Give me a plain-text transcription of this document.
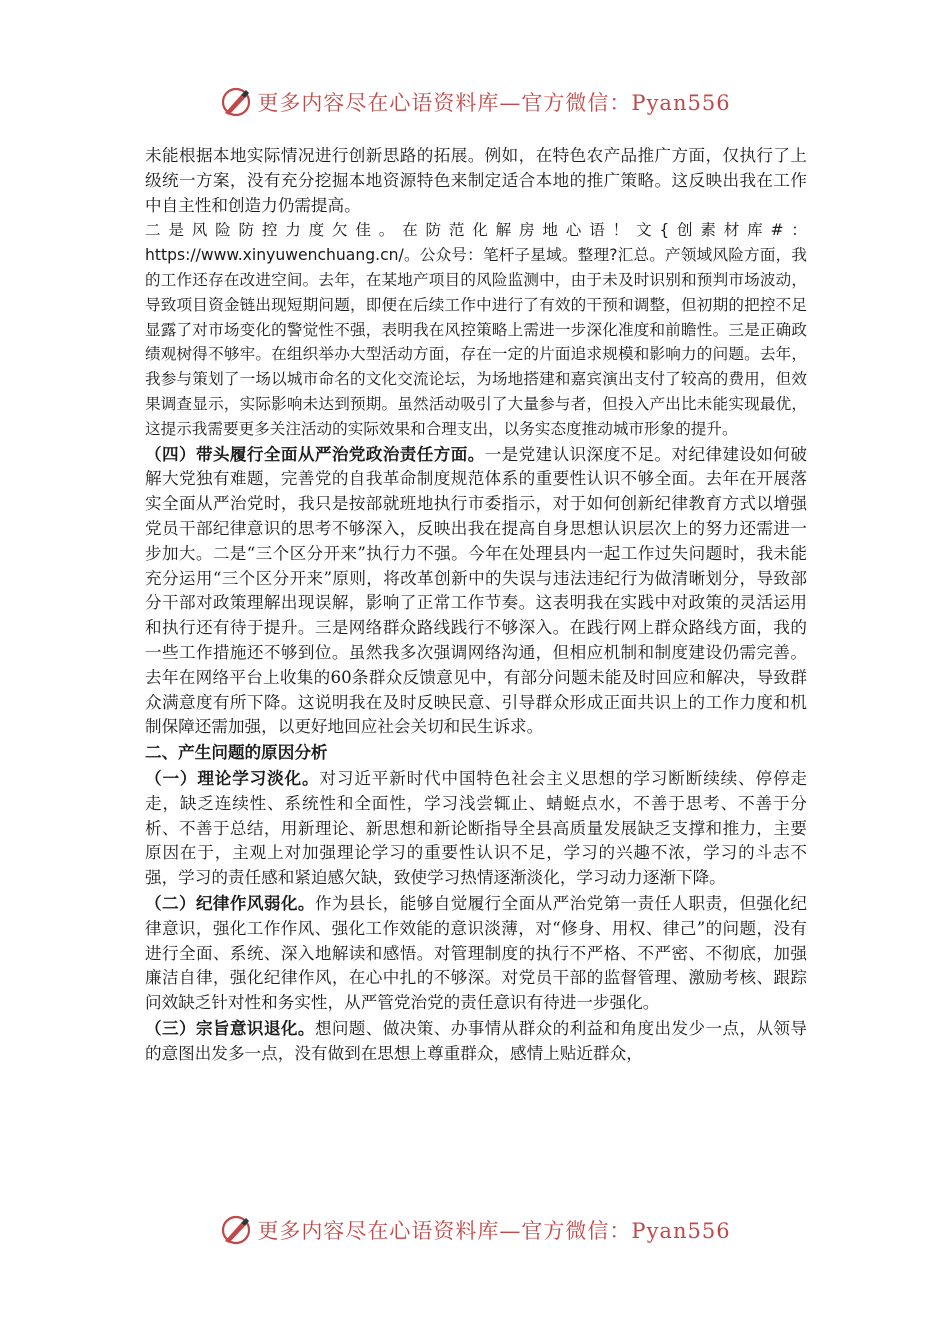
更多内容尽在心语资料库—官方微信：Pyan556

未能根据本地实际情况进行创新思路的拓展。例如，在特色农产品推广方面，仅执行了上级统一方案，没有充分挖掘本地资源特色来制定适合本地的推广策略。这反映出我在工作中自主性和创造力仍需提高。

二是风险防控力度欠佳。在防范化解房地心语！文{创素材库#：https://www.xinyuwenchuang.cn/。公众号：笔杆子星域。整理?汇总。产领域风险方面，我的工作还存在改进空间。去年，在某地产项目的风险监测中，由于未及时识别和预判市场波动，导致项目资金链出现短期问题，即便在后续工作中进行了有效的干预和调整，但初期的把控不足显露了对市场变化的警觉性不强，表明我在风控策略上需进一步深化准度和前瞻性。三是正确政绩观树得不够牢。在组织举办大型活动方面，存在一定的片面追求规模和影响力的问题。去年，我参与策划了一场以城市命名的文化交流论坛，为场地搭建和嘉宾演出支付了较高的费用，但效果调查显示，实际影响未达到预期。虽然活动吸引了大量参与者，但投入产出比未能实现最优，这提示我需要更多关注活动的实际效果和合理支出，以务实态度推动城市形象的提升。

（四）带头履行全面从严治党政治责任方面。一是党建认识深度不足。对纪律建设如何破解大党独有难题，完善党的自我革命制度规范体系的重要性认识不够全面。去年在开展落实全面从严治党时，我只是按部就班地执行市委指示，对于如何创新纪律教育方式以增强党员干部纪律意识的思考不够深入，反映出我在提高自身思想认识层次上的努力还需进一步加大。二是“三个区分开来”执行力不强。今年在处理县内一起工作过失问题时，我未能充分运用“三个区分开来”原则，将改革创新中的失误与违法违纪行为做清晰划分，导致部分干部对政策理解出现误解，影响了正常工作节奏。这表明我在实践中对政策的灵活运用和执行还有待于提升。三是网络群众路线践行不够深入。在践行网上群众路线方面，我的一些工作措施还不够到位。虽然我多次强调网络沟通，但相应机制和制度建设仍需完善。去年在网络平台上收集的60条群众反馈意见中，有部分问题未能及时回应和解决，导致群众满意度有所下降。这说明我在及时反映民意、引导群众形成正面共识上的工作力度和机制保障还需加强，以更好地回应社会关切和民生诉求。

二、产生问题的原因分析

（一）理论学习淡化。对习近平新时代中国特色社会主义思想的学习断断续续、停停走走，缺乏连续性、系统性和全面性，学习浅尝辄止、蜻蜓点水，不善于思考、不善于分析、不善于总结，用新理论、新思想和新论断指导全县高质量发展缺乏支撑和推力，主要原因在于，主观上对加强理论学习的重要性认识不足，学习的兴趣不浓，学习的斗志不强，学习的责任感和紧迫感欠缺，致使学习热情逐渐淡化，学习动力逐渐下降。

（二）纪律作风弱化。作为县长，能够自觉履行全面从严治党第一责任人职责，但强化纪律意识，强化工作作风、强化工作效能的意识淡薄，对“修身、用权、律己”的问题，没有进行全面、系统、深入地解读和感悟。对管理制度的执行不严格、不严密、不彻底，加强廉洁自律，强化纪律作风，在心中扎的不够深。对党员干部的监督管理、激励考核、跟踪问效缺乏针对性和务实性，从严管党治党的责任意识有待进一步强化。

（三）宗旨意识退化。想问题、做决策、办事情从群众的利益和角度出发少一点，从领导的意图出发多一点，没有做到在思想上尊重群众，感情上贴近群众，

更多内容尽在心语资料库—官方微信：Pyan556
